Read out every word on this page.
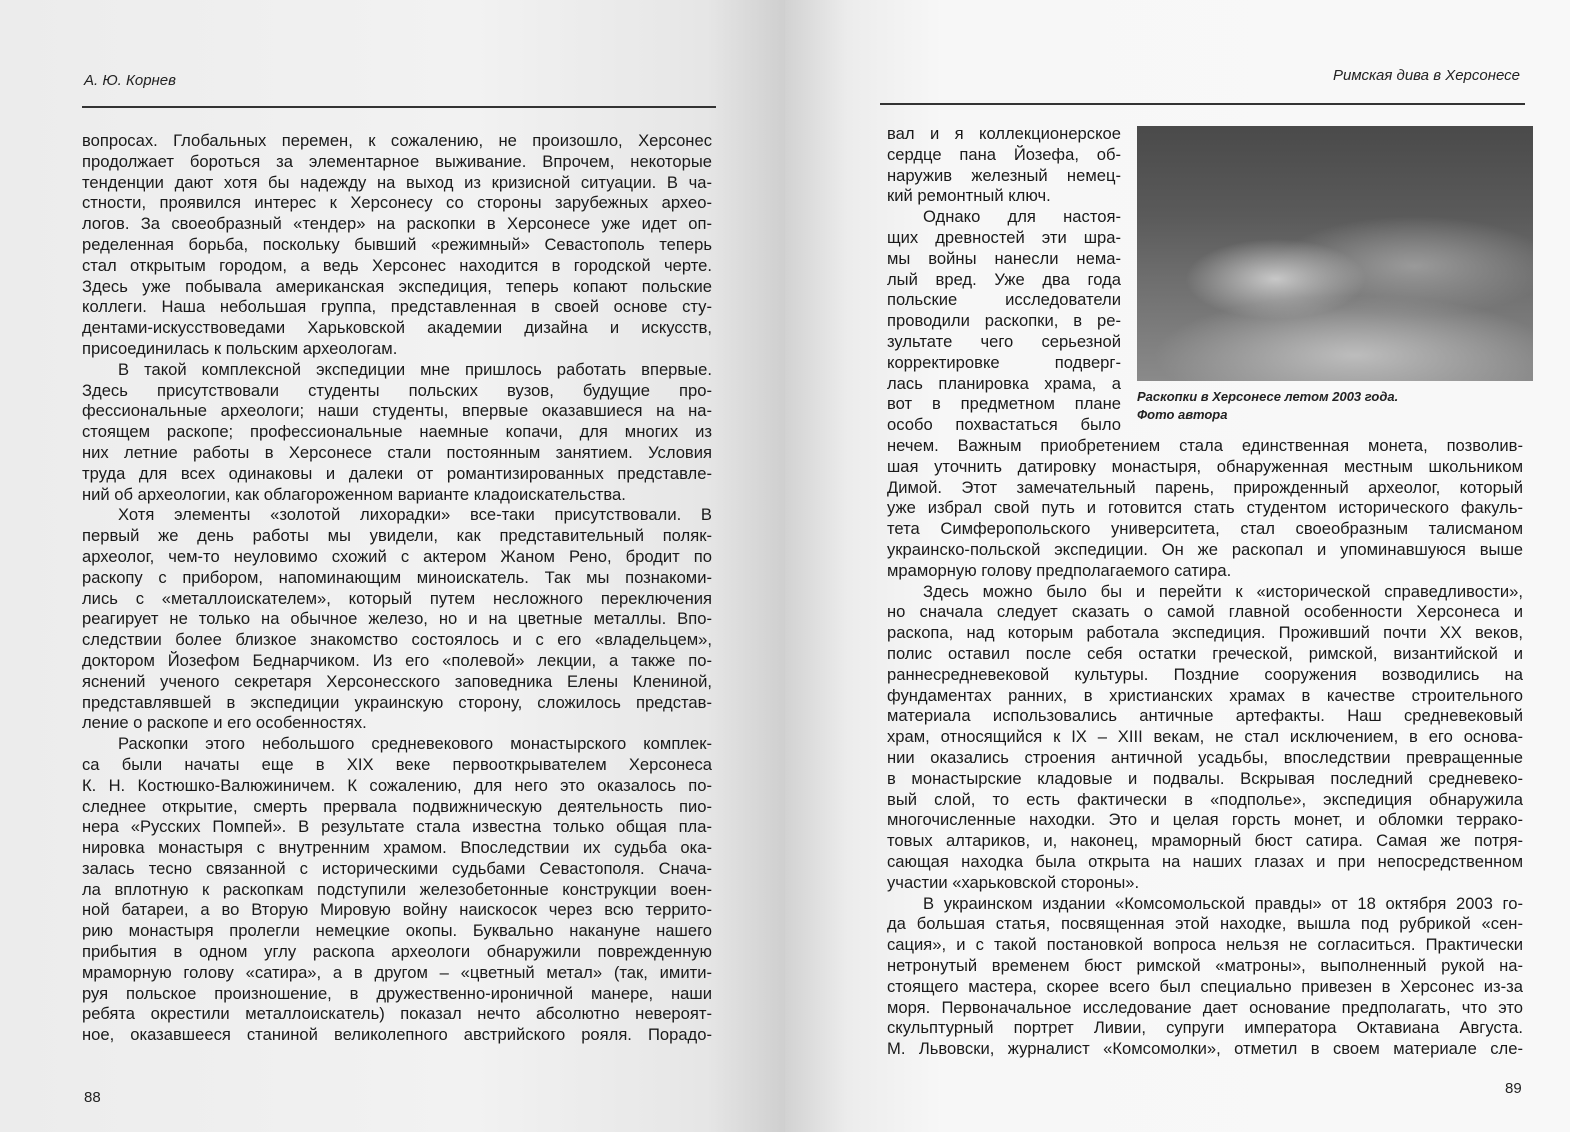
А. Ю. Корнев
вопросах. Глобальных перемен, к сожалению, не произошло, Херсонес
продолжает бороться за элементарное выживание. Впрочем, некоторые
тенденции дают хотя бы надежду на выход из кризисной ситуации. В ча-
стности, проявился интерес к Херсонесу со стороны зарубежных архео-
логов. За своеобразный «тендер» на раскопки в Херсонесе уже идет оп-
ределенная борьба, поскольку бывший «режимный» Севастополь теперь
стал открытым городом, а ведь Херсонес находится в городской черте.
Здесь уже побывала американская экспедиция, теперь копают польские
коллеги. Наша небольшая группа, представленная в своей основе сту-
дентами-искусствоведами Харьковской академии дизайна и искусств,
присоединилась к польским археологам.
В такой комплексной экспедиции мне пришлось работать впервые.
Здесь присутствовали студенты польских вузов, будущие про-
фессиональные археологи; наши студенты, впервые оказавшиеся на на-
стоящем раскопе; профессиональные наемные копачи, для многих из
них летние работы в Херсонесе стали постоянным занятием. Условия
труда для всех одинаковы и далеки от романтизированных представле-
ний об археологии, как облагороженном варианте кладоискательства.
Хотя элементы «золотой лихорадки» все-таки присутствовали. В
первый же день работы мы увидели, как представительный поляк-
археолог, чем-то неуловимо схожий с актером Жаном Рено, бродит по
раскопу с прибором, напоминающим миноискатель. Так мы познакоми-
лись с «металлоискателем», который путем несложного переключения
реагирует не только на обычное железо, но и на цветные металлы. Впо-
следствии более близкое знакомство состоялось и с его «владельцем»,
доктором Йозефом Беднарчиком. Из его «полевой» лекции, а также по-
яснений ученого секретаря Херсонесского заповедника Елены Клениной,
представлявшей в экспедиции украинскую сторону, сложилось представ-
ление о раскопе и его особенностях.
Раскопки этого небольшого средневекового монастырского комплек-
са были начаты еще в XIX веке первооткрывателем Херсонеса
К. Н. Костюшко-Валюжиничем. К сожалению, для него это оказалось по-
следнее открытие, смерть прервала подвижническую деятельность пио-
нера «Русских Помпей». В результате стала известна только общая пла-
нировка монастыря с внутренним храмом. Впоследствии их судьба ока-
залась тесно связанной с историческими судьбами Севастополя. Снача-
ла вплотную к раскопкам подступили железобетонные конструкции воен-
ной батареи, а во Вторую Мировую войну наискосок через всю террито-
рию монастыря пролегли немецкие окопы. Буквально накануне нашего
прибытия в одном углу раскопа археологи обнаружили поврежденную
мраморную голову «сатира», а в другом – «цветный метал» (так, имити-
руя польское произношение, в дружественно-ироничной манере, наши
ребята окрестили металлоискатель) показал нечто абсолютно невероят-
ное, оказавшееся станиной великолепного австрийского рояля. Порадо-
88
Римская дива в Херсонесе
вал и я коллекционерское
сердце пана Йозефа, об-
наружив железный немец-
кий ремонтный ключ.
Однако для настоя-
щих древностей эти шра-
мы войны нанесли нема-
лый вред. Уже два года
польские исследователи
проводили раскопки, в ре-
зультате чего серьезной
корректировке подверг-
лась планировка храма, а
вот в предметном плане
особо похвастаться было
Раскопки в Херсонесе летом 2003 года.
Фото автора
нечем. Важным приобретением стала единственная монета, позволив-
шая уточнить датировку монастыря, обнаруженная местным школьником
Димой. Этот замечательный парень, прирожденный археолог, который
уже избрал свой путь и готовится стать студентом исторического факуль-
тета Симферопольского университета, стал своеобразным талисманом
украинско-польской экспедиции. Он же раскопал и упоминавшуюся выше
мраморную голову предполагаемого сатира.
Здесь можно было бы и перейти к «исторической справедливости»,
но сначала следует сказать о самой главной особенности Херсонеса и
раскопа, над которым работала экспедиция. Проживший почти XX веков,
полис оставил после себя остатки греческой, римской, византийской и
раннесредневековой культуры. Поздние сооружения возводились на
фундаментах ранних, в христианских храмах в качестве строительного
материала использовались античные артефакты. Наш средневековый
храм, относящийся к IX – XIII векам, не стал исключением, в его основа-
нии оказались строения античной усадьбы, впоследствии превращенные
в монастырские кладовые и подвалы. Вскрывая последний средневеко-
вый слой, то есть фактически в «подполье», экспедиция обнаружила
многочисленные находки. Это и целая горсть монет, и обломки террако-
товых алтариков, и, наконец, мраморный бюст сатира. Самая же потря-
сающая находка была открыта на наших глазах и при непосредственном
участии «харьковской стороны».
В украинском издании «Комсомольской правды» от 18 октября 2003 го-
да большая статья, посвященная этой находке, вышла под рубрикой «сен-
сация», и с такой постановкой вопроса нельзя не согласиться. Практически
нетронутый временем бюст римской «матроны», выполненный рукой на-
стоящего мастера, скорее всего был специально привезен в Херсонес из-за
моря. Первоначальное исследование дает основание предполагать, что это
скульптурный портрет Ливии, супруги императора Октавиана Августа.
М. Львовски, журналист «Комсомолки», отметил в своем материале сле-
89
